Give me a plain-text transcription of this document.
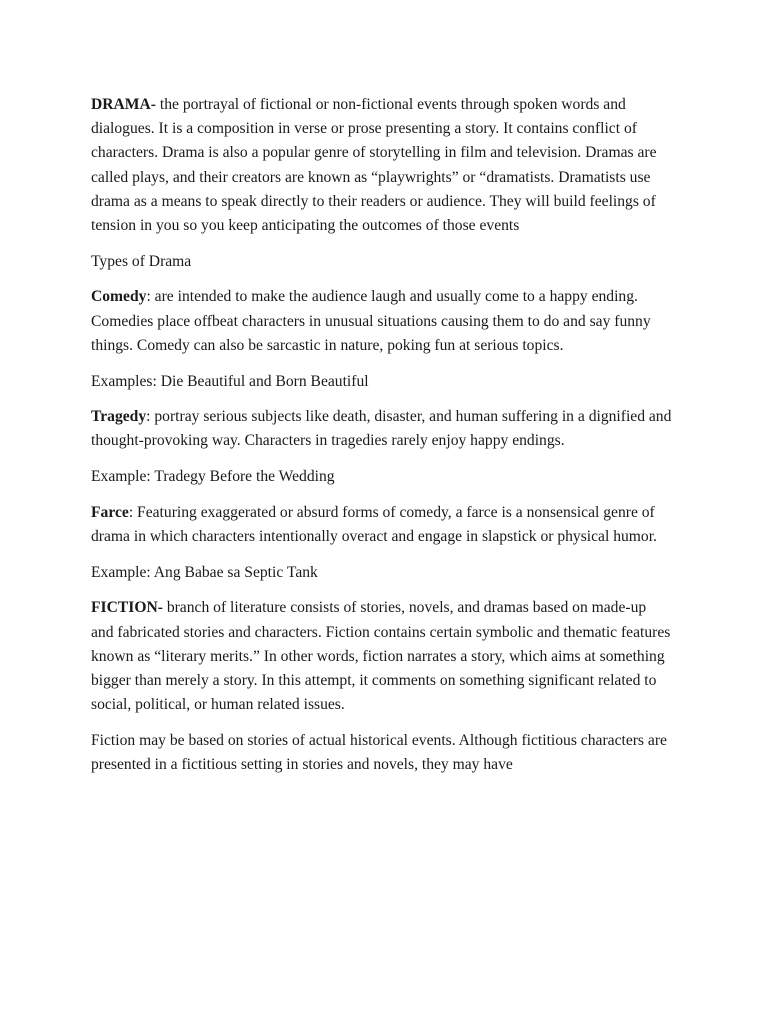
DRAMA- the portrayal of fictional or non-fictional events through spoken words and dialogues. It is a composition in verse or prose presenting a story. It contains conflict of characters. Drama is also a popular genre of storytelling in film and television. Dramas are called plays, and their creators are known as “playwrights” or “dramatists. Dramatists use drama as a means to speak directly to their readers or audience. They will build feelings of tension in you so you keep anticipating the outcomes of those events

Types of Drama

Comedy: are intended to make the audience laugh and usually come to a happy ending. Comedies place offbeat characters in unusual situations causing them to do and say funny things. Comedy can also be sarcastic in nature, poking fun at serious topics.

Examples: Die Beautiful and Born Beautiful

Tragedy: portray serious subjects like death, disaster, and human suffering in a dignified and thought-provoking way. Characters in tragedies rarely enjoy happy endings.

Example: Tradegy Before the Wedding

Farce: Featuring exaggerated or absurd forms of comedy, a farce is a nonsensical genre of drama in which characters intentionally overact and engage in slapstick or physical humor.

Example: Ang Babae sa Septic Tank

FICTION- branch of literature consists of stories, novels, and dramas based on made-up and fabricated stories and characters. Fiction contains certain symbolic and thematic features known as “literary merits.” In other words, fiction narrates a story, which aims at something bigger than merely a story. In this attempt, it comments on something significant related to social, political, or human related issues.

Fiction may be based on stories of actual historical events. Although fictitious characters are presented in a fictitious setting in stories and novels, they may have
